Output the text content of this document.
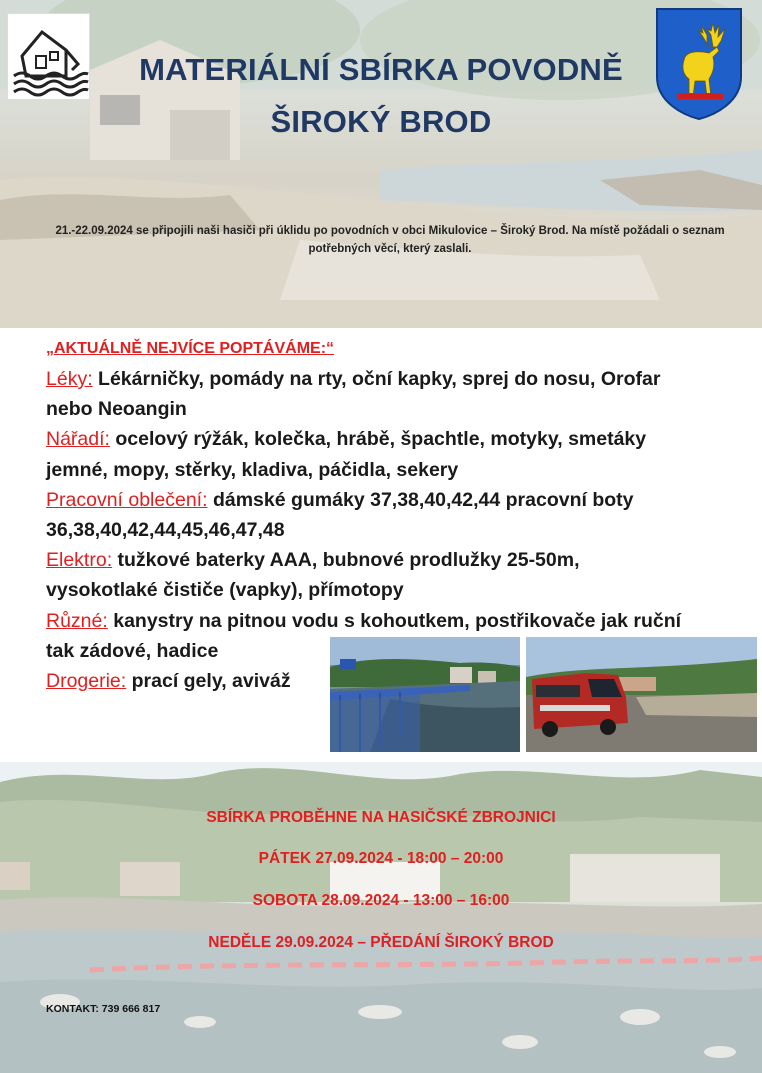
MATERIÁLNÍ SBÍRKA POVODNĚ
ŠIROKÝ BROD
21.-22.09.2024 se připojili naši hasiči při úklidu po povodních v obci Mikulovice – Široký Brod. Na místě požádali o seznam potřebných věcí, který zaslali.
„AKTUÁLNĚ NEJVÍCE POPTÁVÁME:“
Léky: Lékárničky, pomády na rty, oční kapky, sprej do nosu, Orofar nebo Neoangin
Nářadí: ocelový rýžák, kolečka, hrábě, špachtle, motyky, smetáky jemné, mopy, stěrky, kladiva, páčidla, sekery
Pracovní oblečení: dámské gumáky 37,38,40,42,44 pracovní boty 36,38,40,42,44,45,46,47,48
Elektro: tužkové baterky AAA, bubnové prodlužky 25-50m, vysokotlaké čističe (vapky), přímotopy
Různé: kanystry na pitnou vodu s kohoutkem, postřikovače jak ruční tak zádové, hadice
Drogerie: prací gely, aviváž
SBÍRKA PROBĚHNE NA HASIČSKÉ ZBROJNICI
PÁTEK 27.09.2024 - 18:00 – 20:00
SOBOTA 28.09.2024 - 13:00 – 16:00
NEDĚLE 29.09.2024 – PŘEDÁNÍ ŠIROKÝ BROD
KONTAKT: 739 666 817
